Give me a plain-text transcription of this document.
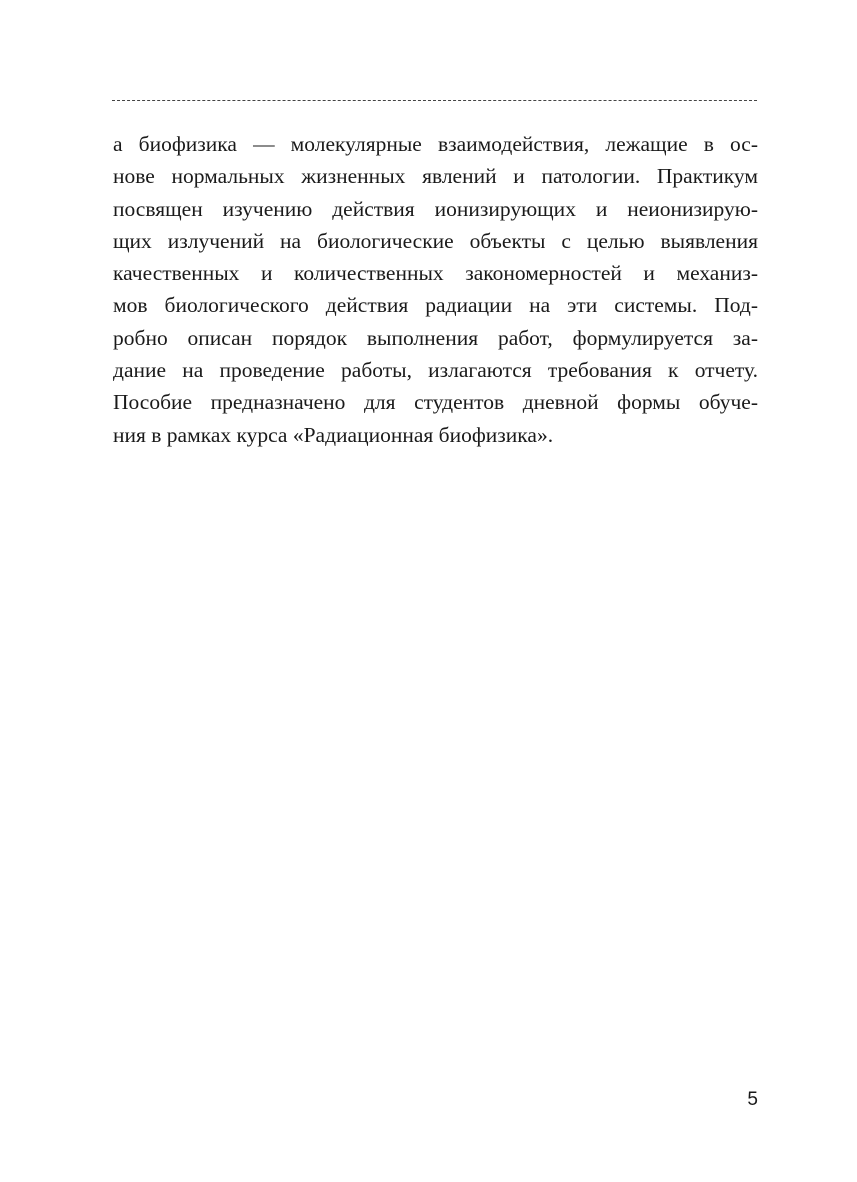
а биофизика — молекулярные взаимодействия, лежащие в ос-
нове нормальных жизненных явлений и патологии. Практикум
посвящен изучению действия ионизирующих и неионизирую-
щих излучений на биологические объекты с целью выявления
качественных и количественных закономерностей и механиз-
мов биологического действия радиации на эти системы. Под-
робно описан порядок выполнения работ, формулируется за-
дание на проведение работы, излагаются требования к отчету.
Пособие предназначено для студентов дневной формы обуче-
ния в рамках курса «Радиационная биофизика».
5
